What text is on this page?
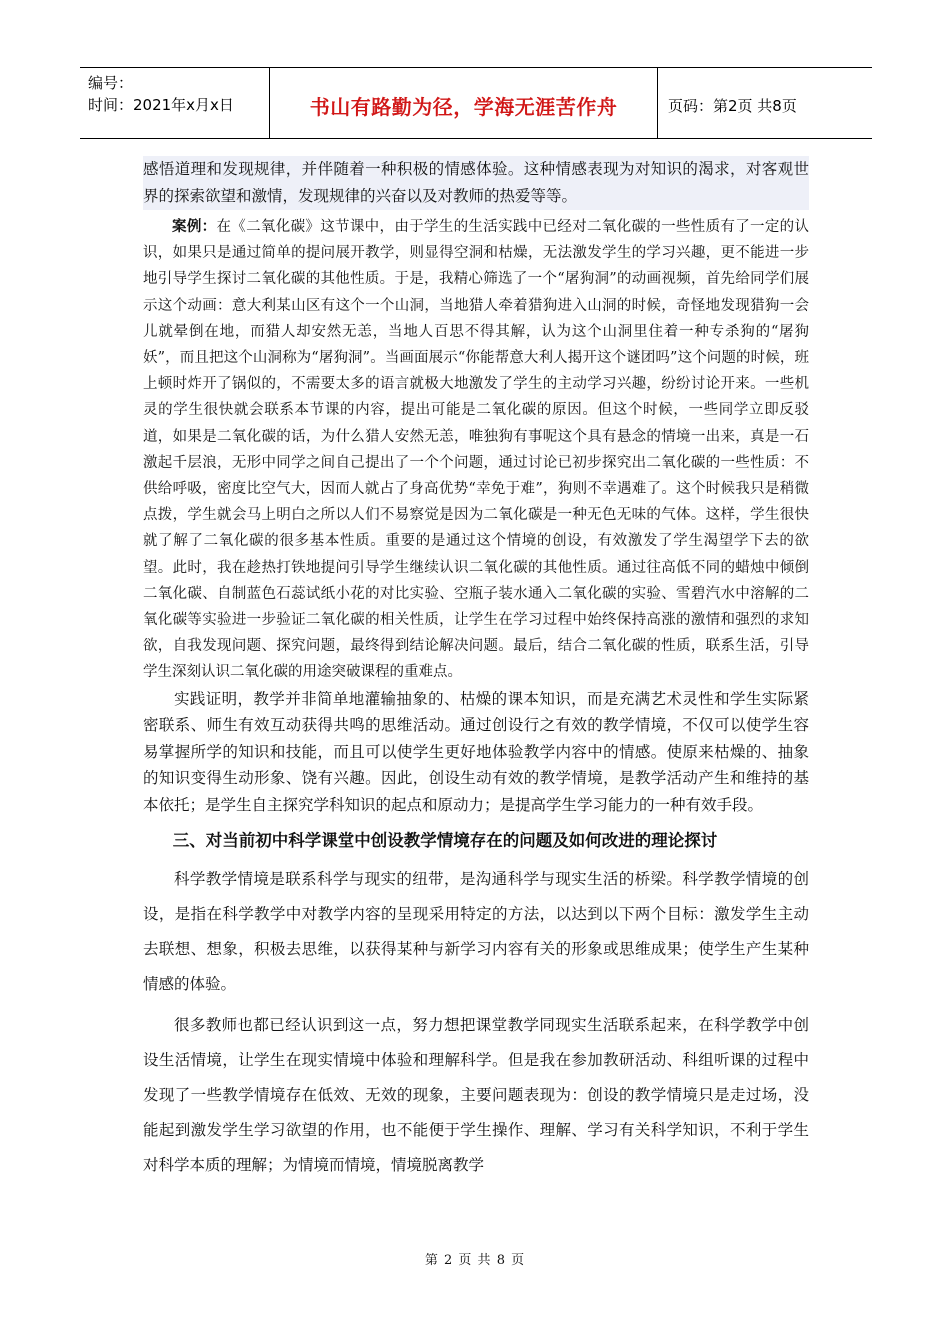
编号：
时间：2021年x月x日	书山有路勤为径，学海无涯苦作舟	页码：第2页 共8页

感悟道理和发现规律，并伴随着一种积极的情感体验。这种情感表现为对知识的渴求，对客观世界的探索欲望和激情，发现规律的兴奋以及对教师的热爱等等。

案例：在《二氧化碳》这节课中，由于学生的生活实践中已经对二氧化碳的一些性质有了一定的认识，如果只是通过简单的提问展开教学，则显得空洞和枯燥，无法激发学生的学习兴趣，更不能进一步地引导学生探讨二氧化碳的其他性质。于是，我精心筛选了一个“屠狗洞”的动画视频，首先给同学们展示这个动画：意大利某山区有这个一个山洞，当地猎人牵着猎狗进入山洞的时候，奇怪地发现猎狗一会儿就晕倒在地，而猎人却安然无恙，当地人百思不得其解，认为这个山洞里住着一种专杀狗的“屠狗妖”，而且把这个山洞称为“屠狗洞”。当画面展示“你能帮意大利人揭开这个谜团吗”这个问题的时候，班上顿时炸开了锅似的，不需要太多的语言就极大地激发了学生的主动学习兴趣，纷纷讨论开来。一些机灵的学生很快就会联系本节课的内容，提出可能是二氧化碳的原因。但这个时候，一些同学立即反驳道，如果是二氧化碳的话，为什么猎人安然无恙，唯独狗有事呢这个具有悬念的情境一出来，真是一石激起千层浪，无形中同学之间自己提出了一个个问题，通过讨论已初步探究出二氧化碳的一些性质：不供给呼吸，密度比空气大，因而人就占了身高优势“幸免于难”，狗则不幸遇难了。这个时候我只是稍微点拨，学生就会马上明白之所以人们不易察觉是因为二氧化碳是一种无色无味的气体。这样，学生很快就了解了二氧化碳的很多基本性质。重要的是通过这个情境的创设，有效激发了学生渴望学下去的欲望。此时，我在趁热打铁地提问引导学生继续认识二氧化碳的其他性质。通过往高低不同的蜡烛中倾倒二氧化碳、自制蓝色石蕊试纸小花的对比实验、空瓶子装水通入二氧化碳的实验、雪碧汽水中溶解的二氧化碳等实验进一步验证二氧化碳的相关性质，让学生在学习过程中始终保持高涨的激情和强烈的求知欲，自我发现问题、探究问题，最终得到结论解决问题。最后，结合二氧化碳的性质，联系生活，引导学生深刻认识二氧化碳的用途突破课程的重难点。

实践证明，教学并非简单地灌输抽象的、枯燥的课本知识，而是充满艺术灵性和学生实际紧密联系、师生有效互动获得共鸣的思维活动。通过创设行之有效的教学情境，不仅可以使学生容易掌握所学的知识和技能，而且可以使学生更好地体验教学内容中的情感。使原来枯燥的、抽象的知识变得生动形象、饶有兴趣。因此，创设生动有效的教学情境，是教学活动产生和维持的基本依托；是学生自主探究学科知识的起点和原动力；是提高学生学习能力的一种有效手段。

三、对当前初中科学课堂中创设教学情境存在的问题及如何改进的理论探讨

科学教学情境是联系科学与现实的纽带，是沟通科学与现实生活的桥梁。科学教学情境的创设，是指在科学教学中对教学内容的呈现采用特定的方法，以达到以下两个目标：激发学生主动去联想、想象，积极去思维，以获得某种与新学习内容有关的形象或思维成果；使学生产生某种情感的体验。

很多教师也都已经认识到这一点，努力想把课堂教学同现实生活联系起来，在科学教学中创设生活情境，让学生在现实情境中体验和理解科学。但是我在参加教研活动、科组听课的过程中发现了一些教学情境存在低效、无效的现象，主要问题表现为：创设的教学情境只是走过场，没能起到激发学生学习欲望的作用，也不能便于学生操作、理解、学习有关科学知识，不利于学生对科学本质的理解；为情境而情境，情境脱离教学

第 2 页 共 8 页
